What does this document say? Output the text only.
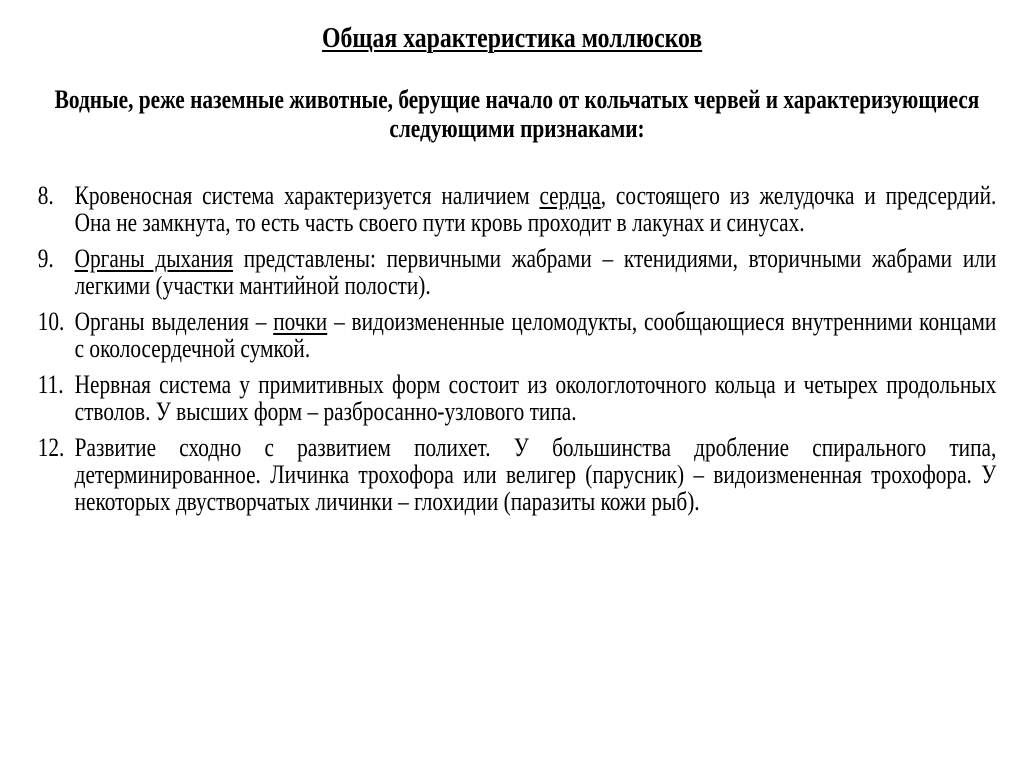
Общая характеристика моллюсков
Водные, реже наземные животные, берущие начало от кольчатых червей и характеризующиеся следующими признаками:
8. Кровеносная система характеризуется наличием сердца, состоящего из желудочка и предсердий. Она не замкнута, то есть часть своего пути кровь проходит в лакунах и синусах.
9. Органы дыхания представлены: первичными жабрами – ктенидиями, вторичными жабрами или легкими (участки мантийной полости).
10. Органы выделения – почки – видоизмененные целомодукты, сообщающиеся внутренними концами с околосердечной сумкой.
11. Нервная система у примитивных форм состоит из окологлоточного кольца и четырех продольных стволов. У высших форм – разбросанно-узлового типа.
12. Развитие сходно с развитием полихет. У большинства дробление спирального типа, детерминированное. Личинка трохофора или велигер (парусник) – видоизмененная трохофора. У некоторых двустворчатых личинки – глохидии (паразиты кожи рыб).
